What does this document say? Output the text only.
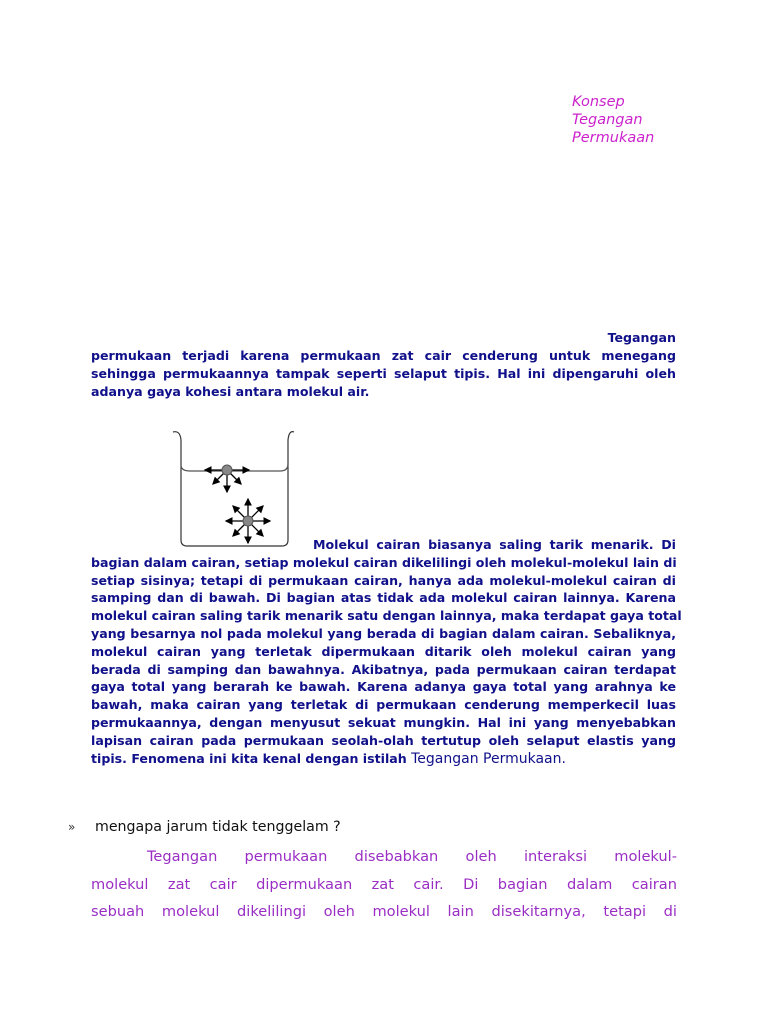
Konsep
Tegangan
Permukaan
Tegangan
permukaan terjadi karena permukaan zat cair cenderung untuk menegang
sehingga permukaannya tampak seperti selaput tipis. Hal ini dipengaruhi oleh
adanya gaya kohesi antara molekul air.
Molekul cairan biasanya saling tarik menarik. Di
bagian dalam cairan, setiap molekul cairan dikelilingi oleh molekul-molekul lain di
setiap sisinya; tetapi di permukaan cairan, hanya ada molekul-molekul cairan di
samping dan di bawah. Di bagian atas tidak ada molekul cairan lainnya. Karena
molekul cairan saling tarik menarik satu dengan lainnya, maka terdapat gaya total
yang besarnya nol pada molekul yang berada di bagian dalam cairan. Sebaliknya,
molekul cairan yang terletak dipermukaan ditarik oleh molekul cairan yang
berada di samping dan bawahnya. Akibatnya, pada permukaan cairan terdapat
gaya total yang berarah ke bawah. Karena adanya gaya total yang arahnya ke
bawah, maka cairan yang terletak di permukaan cenderung memperkecil luas
permukaannya, dengan menyusut sekuat mungkin. Hal ini yang menyebabkan
lapisan cairan pada permukaan seolah-olah tertutup oleh selaput elastis yang
tipis. Fenomena ini kita kenal dengan istilah Tegangan Permukaan.
» mengapa jarum tidak tenggelam ?
Tegangan permukaan disebabkan oleh interaksi molekul-
molekul zat cair dipermukaan zat cair. Di bagian dalam cairan
sebuah molekul dikelilingi oleh molekul lain disekitarnya, tetapi di
